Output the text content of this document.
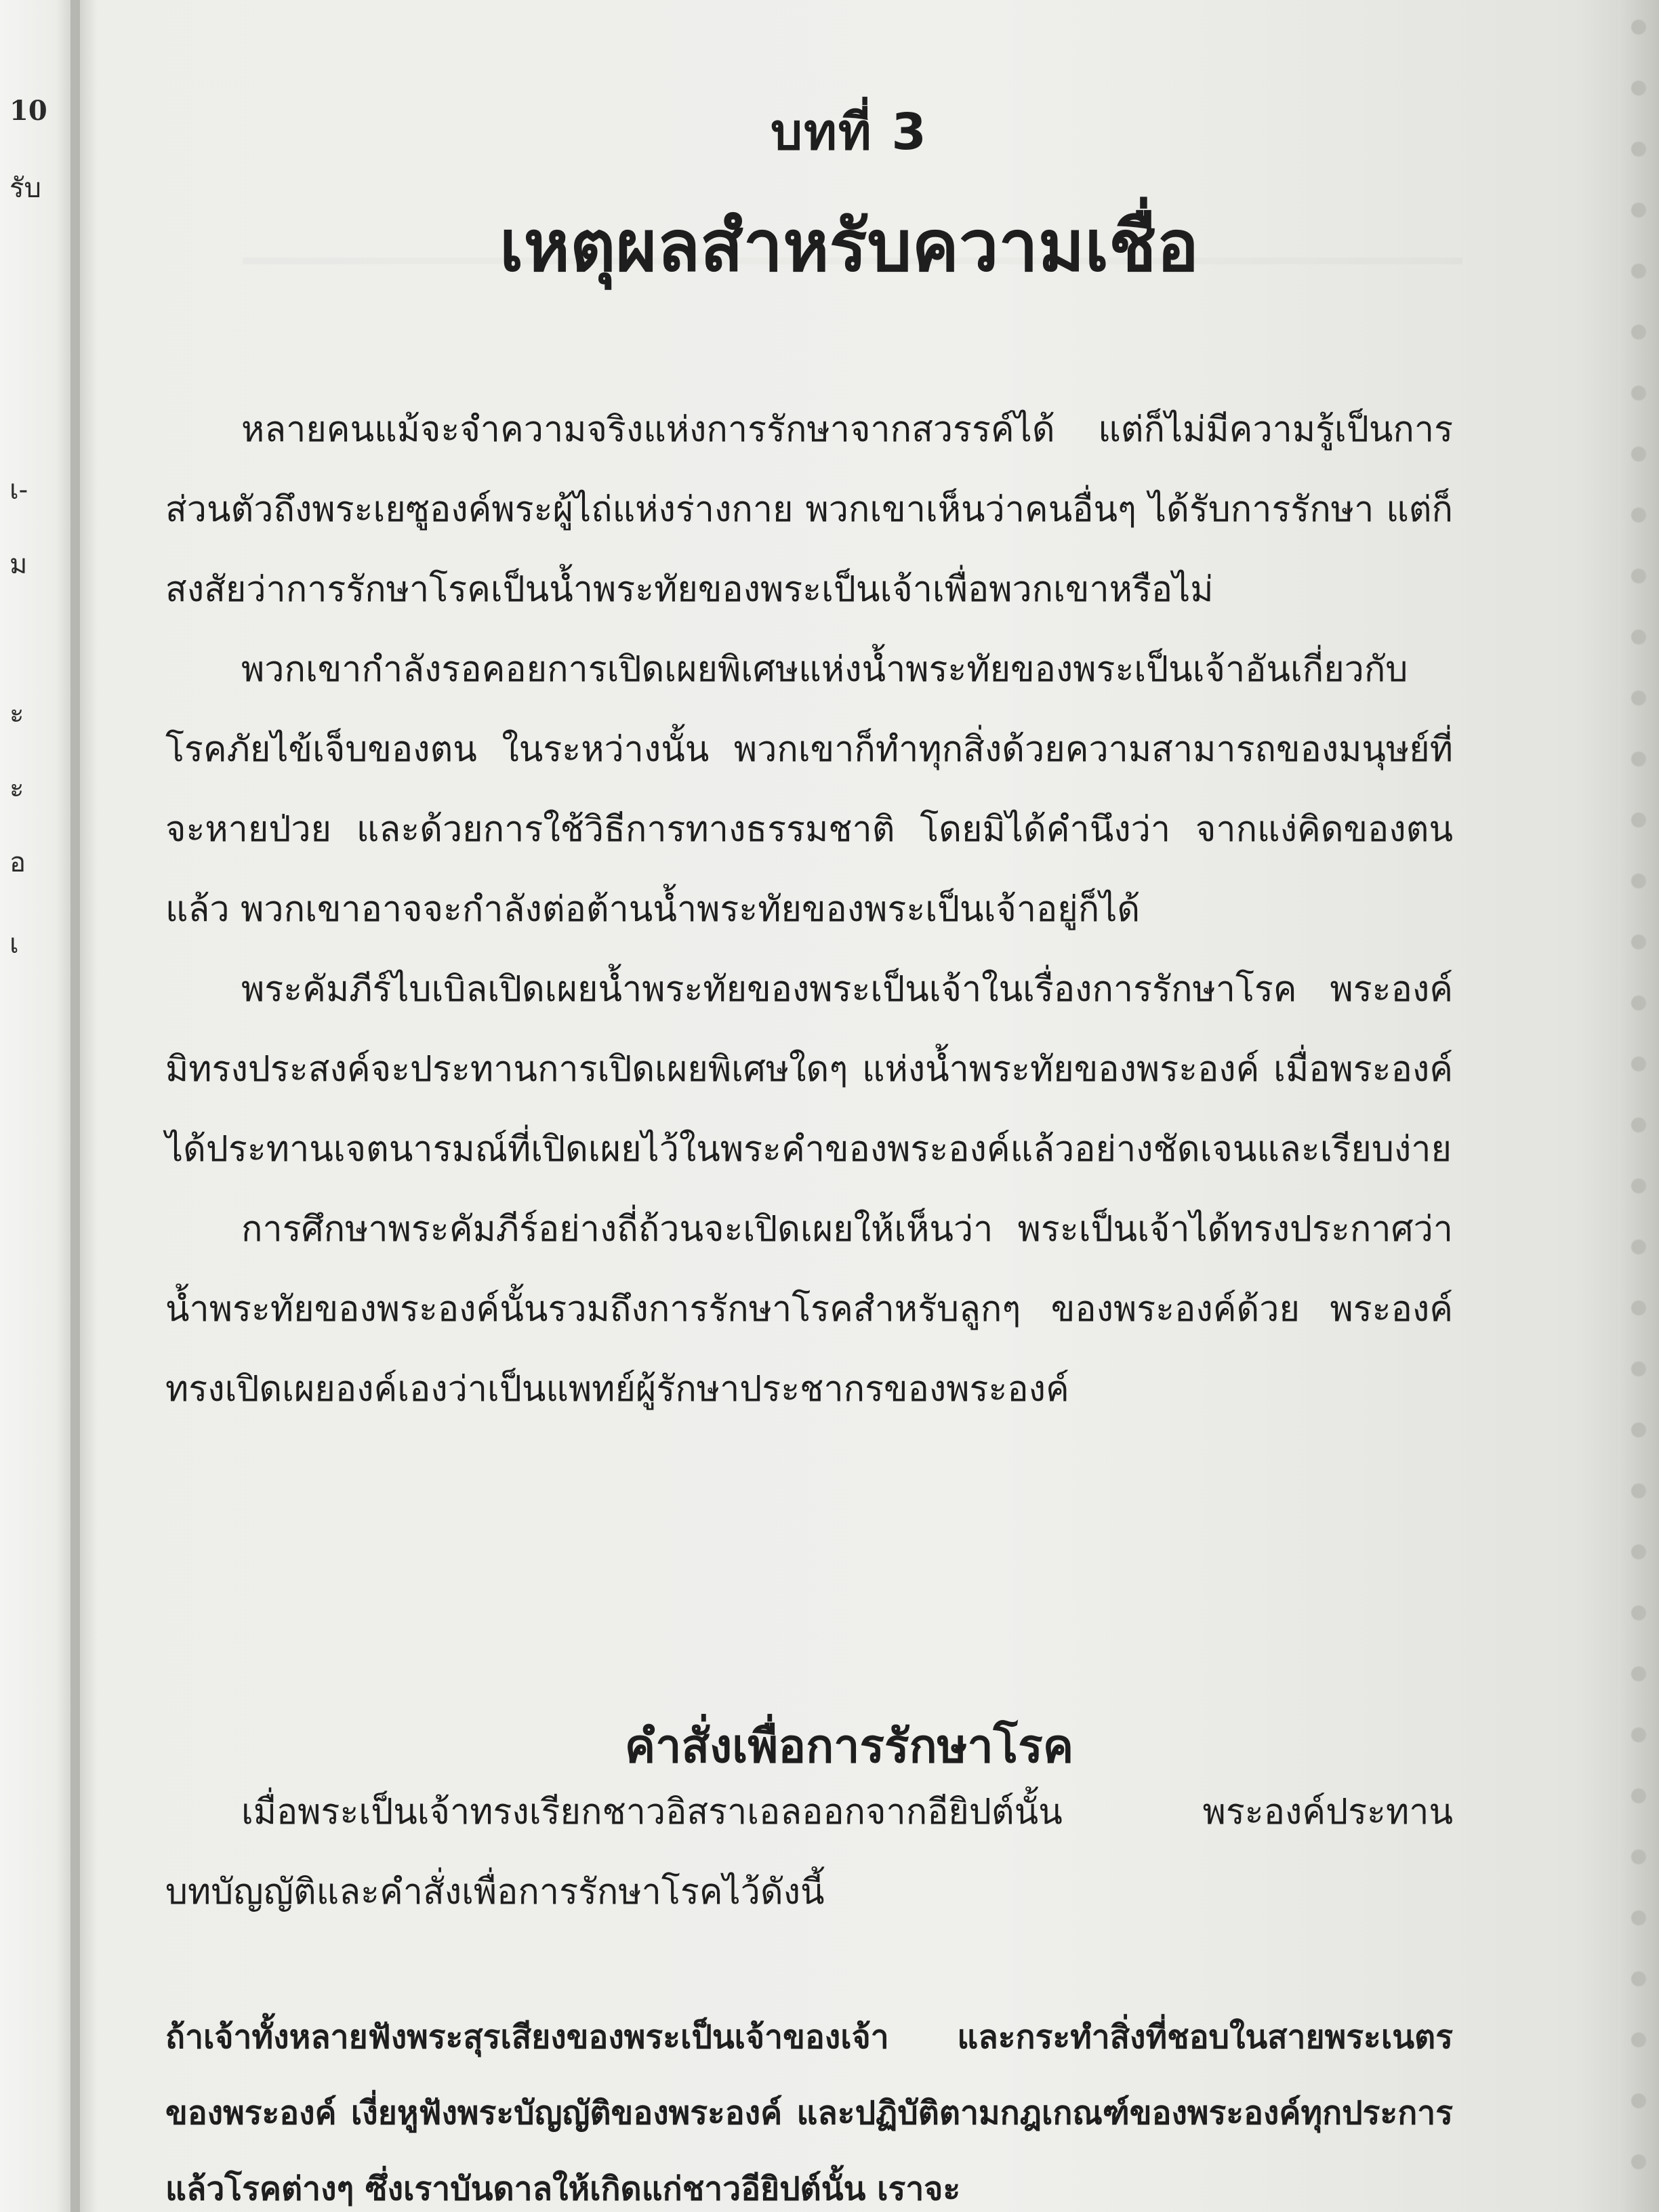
10
รับ
เ-
ม
ะ
ะ
อ
เ
บทที่ 3
เหตุผลสำหรับความเชื่อ

หลายคนแม้จะจำความจริงแห่งการรักษาจากสวรรค์ได้ แต่ก็ไม่มีความรู้เป็นการส่วนตัวถึงพระเยซูองค์พระผู้ไถ่แห่งร่างกาย พวกเขาเห็นว่าคนอื่นๆ ได้รับการรักษา แต่ก็สงสัยว่าการรักษาโรคเป็นน้ำพระทัยของพระเป็นเจ้าเพื่อพวกเขาหรือไม่

พวกเขากำลังรอคอยการเปิดเผยพิเศษแห่งน้ำพระทัยของพระเป็นเจ้าอันเกี่ยวกับโรคภัยไข้เจ็บของตน ในระหว่างนั้น พวกเขาก็ทำทุกสิ่งด้วยความสามารถของมนุษย์ที่จะหายป่วย และด้วยการใช้วิธีการทางธรรมชาติ โดยมิได้คำนึงว่า จากแง่คิดของตนแล้ว พวกเขาอาจจะกำลังต่อต้านน้ำพระทัยของพระเป็นเจ้าอยู่ก็ได้

พระคัมภีร์ไบเบิลเปิดเผยน้ำพระทัยของพระเป็นเจ้าในเรื่องการรักษาโรค พระองค์มิทรงประสงค์จะประทานการเปิดเผยพิเศษใดๆ แห่งน้ำพระทัยของพระองค์ เมื่อพระองค์ได้ประทานเจตนารมณ์ที่เปิดเผยไว้ในพระคำของพระองค์แล้วอย่างชัดเจนและเรียบง่าย

การศึกษาพระคัมภีร์อย่างถี่ถ้วนจะเปิดเผยให้เห็นว่า พระเป็นเจ้าได้ทรงประกาศว่าน้ำพระทัยของพระองค์นั้นรวมถึงการรักษาโรคสำหรับลูกๆ ของพระองค์ด้วย พระองค์ทรงเปิดเผยองค์เองว่าเป็นแพทย์ผู้รักษาประชากรของพระองค์

คำสั่งเพื่อการรักษาโรค

เมื่อพระเป็นเจ้าทรงเรียกชาวอิสราเอลออกจากอียิปต์นั้น พระองค์ประทานบทบัญญัติและคำสั่งเพื่อการรักษาโรคไว้ดังนี้

ถ้าเจ้าทั้งหลายฟังพระสุรเสียงของพระเป็นเจ้าของเจ้า และกระทำสิ่งที่ชอบในสายพระเนตรของพระองค์ เงี่ยหูฟังพระบัญญัติของพระองค์ และปฏิบัติตามกฎเกณฑ์ของพระองค์ทุกประการ แล้วโรคต่างๆ ซึ่งเราบันดาลให้เกิดแก่ชาวอียิปต์นั้น เราจะ
